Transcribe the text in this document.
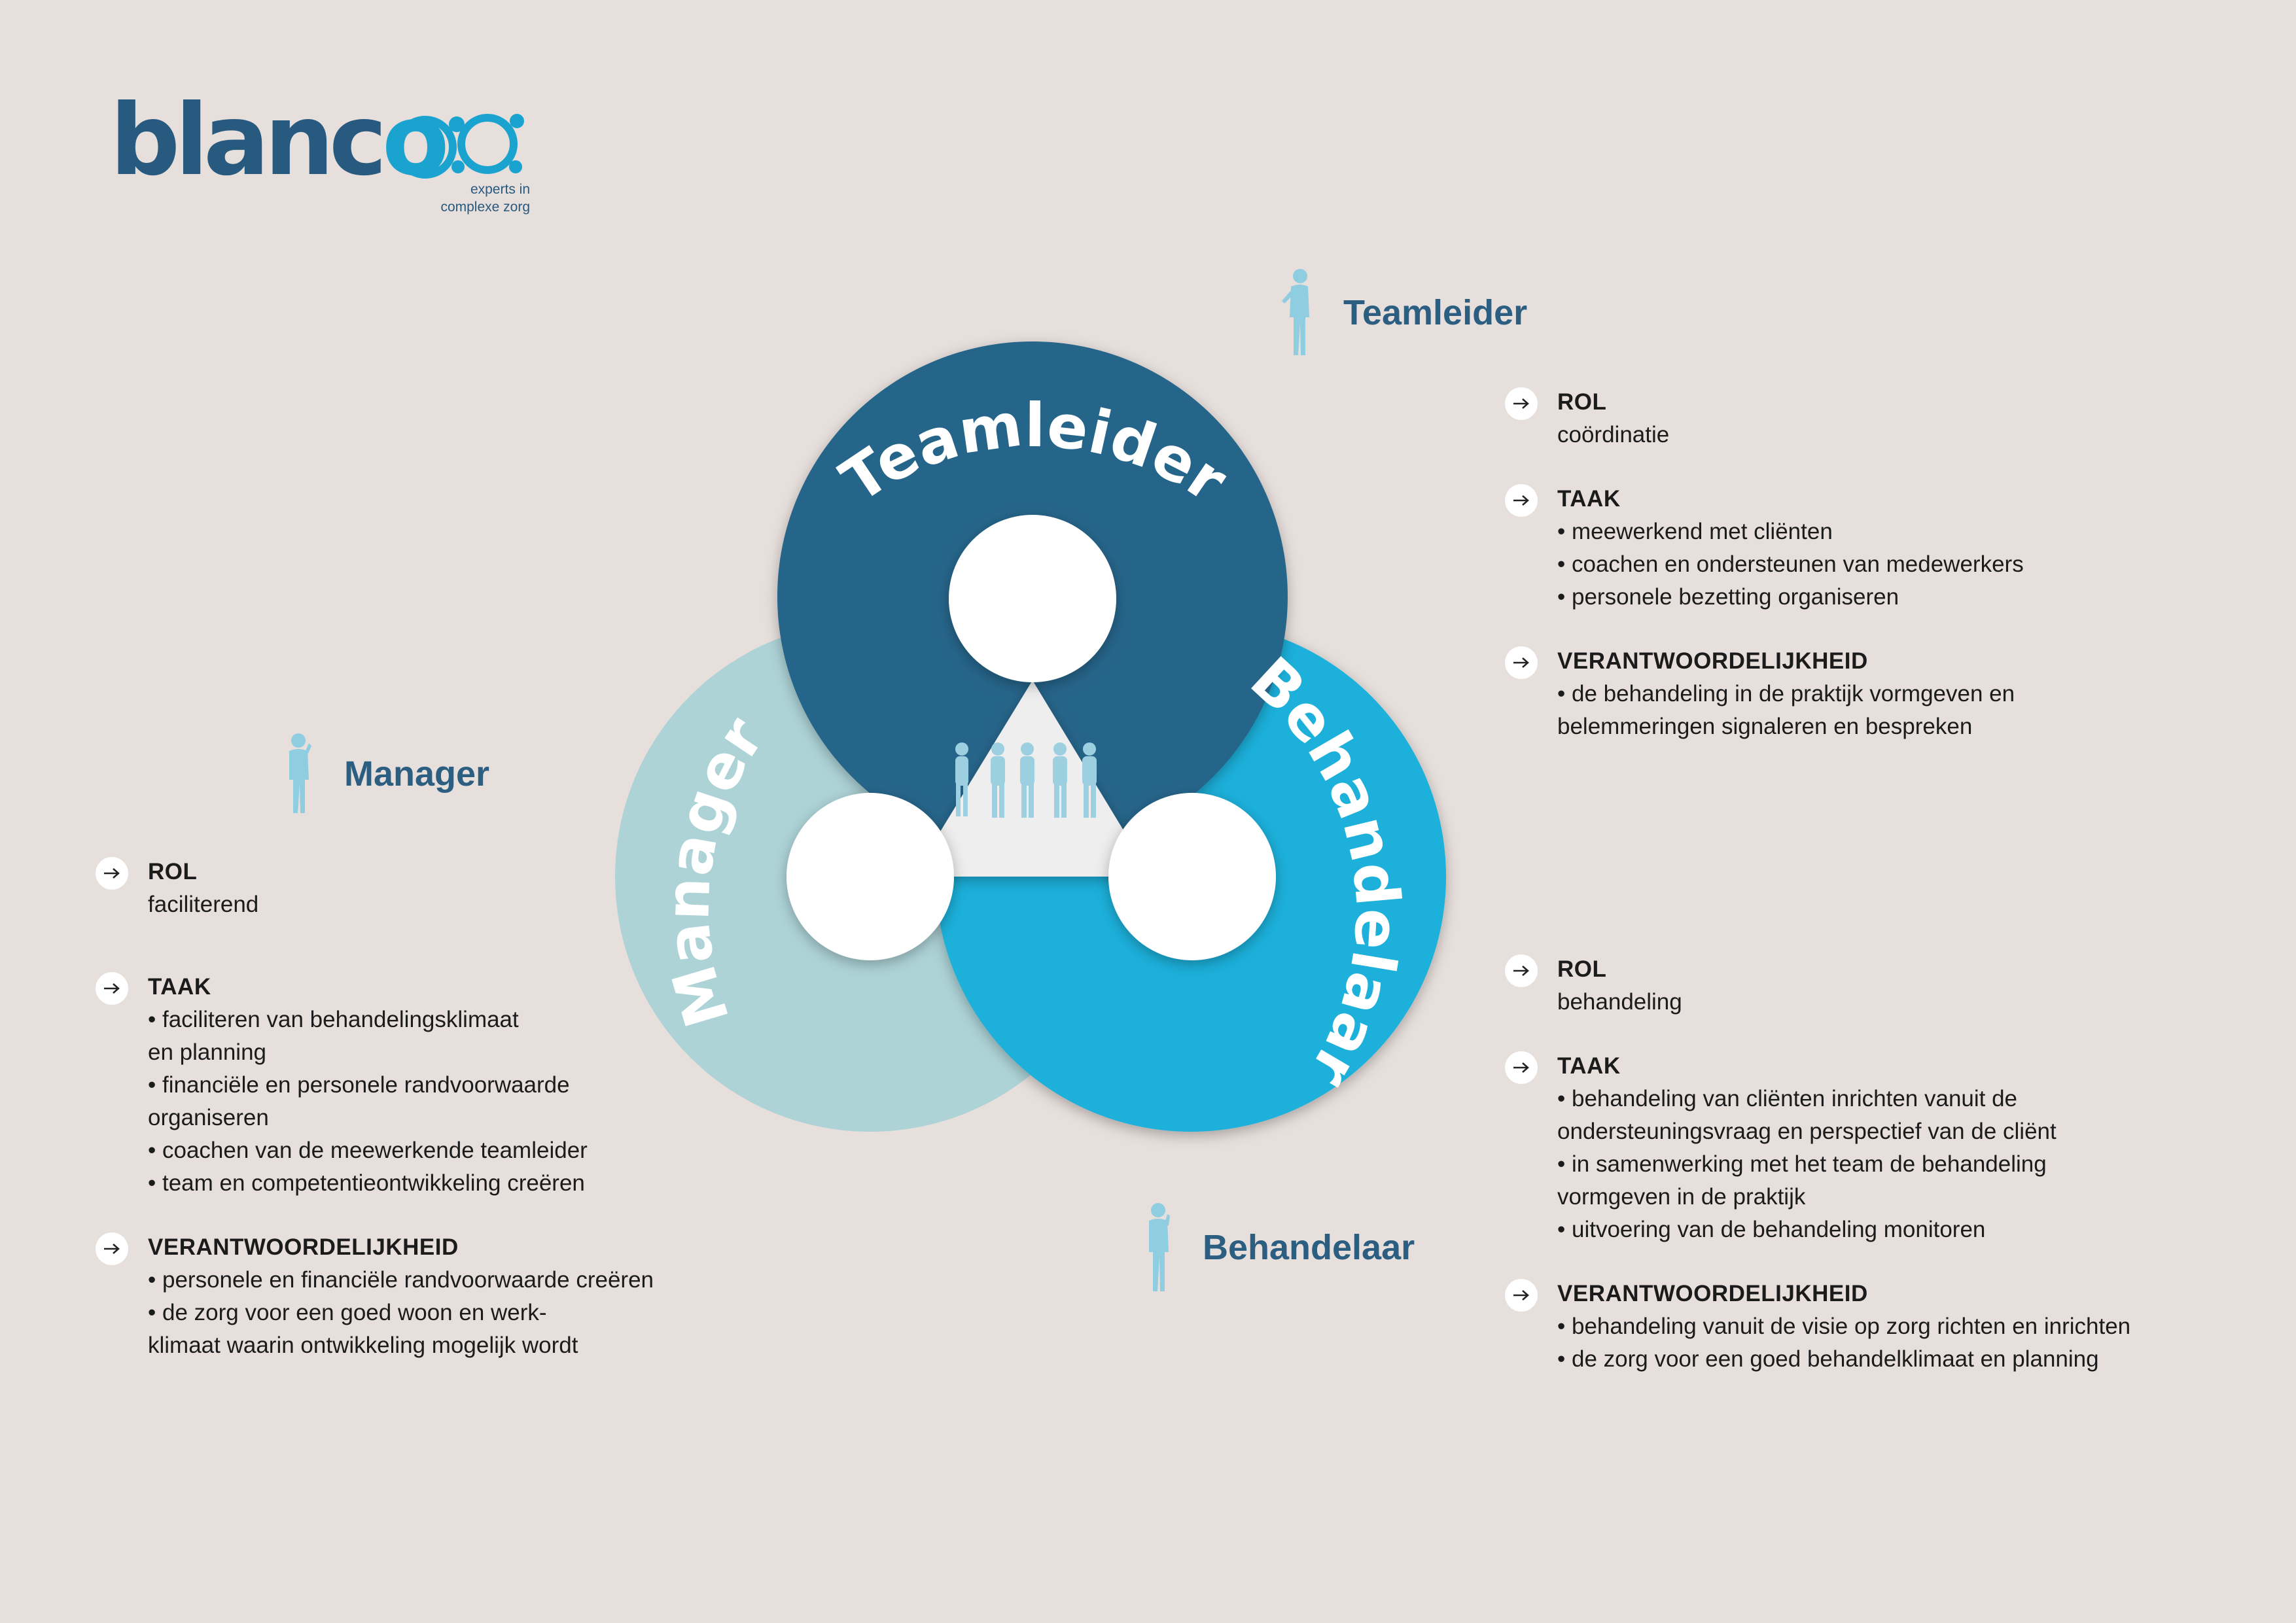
blanco	experts in
complexe zorg
Teamleider
Behandelaar
Manager
Teamleider
ROL
coördinatie
TAAK
• meewerkend met cliënten
• coachen en ondersteunen van medewerkers
• personele bezetting organiseren
VERANTWOORDELIJKHEID
• de behandeling in de praktijk vormgeven en
belemmeringen signaleren en bespreken
Manager
ROL
faciliterend
TAAK
• faciliteren van behandelingsklimaat
en planning
• financiële en personele randvoorwaarde
organiseren
• coachen van de meewerkende teamleider
• team en competentieontwikkeling creëren
VERANTWOORDELIJKHEID
• personele en financiële randvoorwaarde creëren
• de zorg voor een goed woon en werk-
klimaat waarin ontwikkeling mogelijk wordt
Behandelaar
ROL
behandeling
TAAK
• behandeling van cliënten inrichten vanuit de
ondersteuningsvraag en perspectief van de cliënt
• in samenwerking met het team de behandeling
vormgeven in de praktijk
• uitvoering van de behandeling monitoren
VERANTWOORDELIJKHEID
• behandeling vanuit de visie op zorg richten en inrichten
• de zorg voor een goed behandelklimaat en planning
